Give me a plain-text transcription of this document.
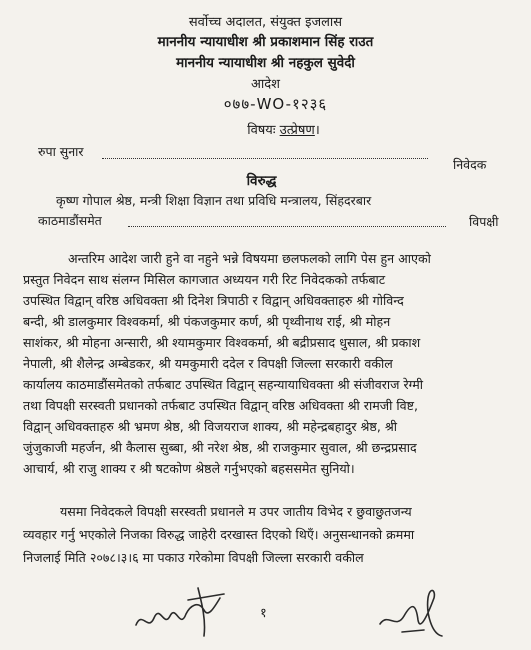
सर्वोच्च अदालत, संयुक्त इजलास
माननीय न्यायाधीश श्री प्रकाशमान सिंह राउत
माननीय न्यायाधीश श्री नहकुल सुवेदी
आदेश
०७७-WO-१२३६
विषयः उत्प्रेषण।
रुपा सुनार
निवेदक
विरुद्ध
कृष्ण गोपाल श्रेष्ठ, मन्त्री शिक्षा विज्ञान तथा प्रविधि मन्त्रालय, सिंहदरबार
काठमाडौंसमेत	विपक्षी
अन्तरिम आदेश जारी हुने वा नहुने भन्ने विषयमा छलफलको लागि पेस हुन आएको
प्रस्तुत निवेदन साथ संलग्न मिसिल कागजात अध्ययन गरी रिट निवेदकको तर्फबाट
उपस्थित विद्वान् वरिष्ठ अधिवक्ता श्री दिनेश त्रिपाठी र विद्वान् अधिवक्ताहरु श्री गोविन्द
बन्दी, श्री डालकुमार विश्वकर्मा, श्री पंकजकुमार कर्ण, श्री पृथ्वीनाथ राई, श्री मोहन
साशंकर, श्री मोहना अन्सारी, श्री श्यामकुमार विश्वकर्मा, श्री बद्रीप्रसाद धुसाल, श्री प्रकाश
नेपाली, श्री शैलेन्द्र अम्बेडकर, श्री यमकुमारी ददेल र विपक्षी जिल्ला सरकारी वकील
कार्यालय काठमाडौंसमेतको तर्फबाट उपस्थित विद्वान् सहन्यायाधिवक्ता श्री संजीवराज रेग्मी
तथा विपक्षी सरस्वती प्रधानको तर्फबाट उपस्थित विद्वान् वरिष्ठ अधिवक्ता श्री रामजी विष्ट,
विद्वान् अधिवक्ताहरु श्री भ्रमण श्रेष्ठ, श्री विजयराज शाक्य, श्री महेन्द्रबहादुर श्रेष्ठ, श्री
जुंजुकाजी महर्जन, श्री कैलास सुब्बा, श्री नरेश श्रेष्ठ, श्री राजकुमार सुवाल, श्री छन्द्रप्रसाद
आचार्य, श्री राजु शाक्य र श्री षटकोण श्रेष्ठले गर्नुभएको बहससमेत सुनियो।
यसमा निवेदकले विपक्षी सरस्वती प्रधानले म उपर जातीय विभेद र छुवाछुतजन्य
व्यवहार गर्नु भएकोले निजका विरुद्ध जाहेरी दरखास्त दिएको थिएँ। अनुसन्धानको क्रममा
निजलाई मिति २०७८।३।६ मा पकाउ गरेकोमा विपक्षी जिल्ला सरकारी वकील
१
